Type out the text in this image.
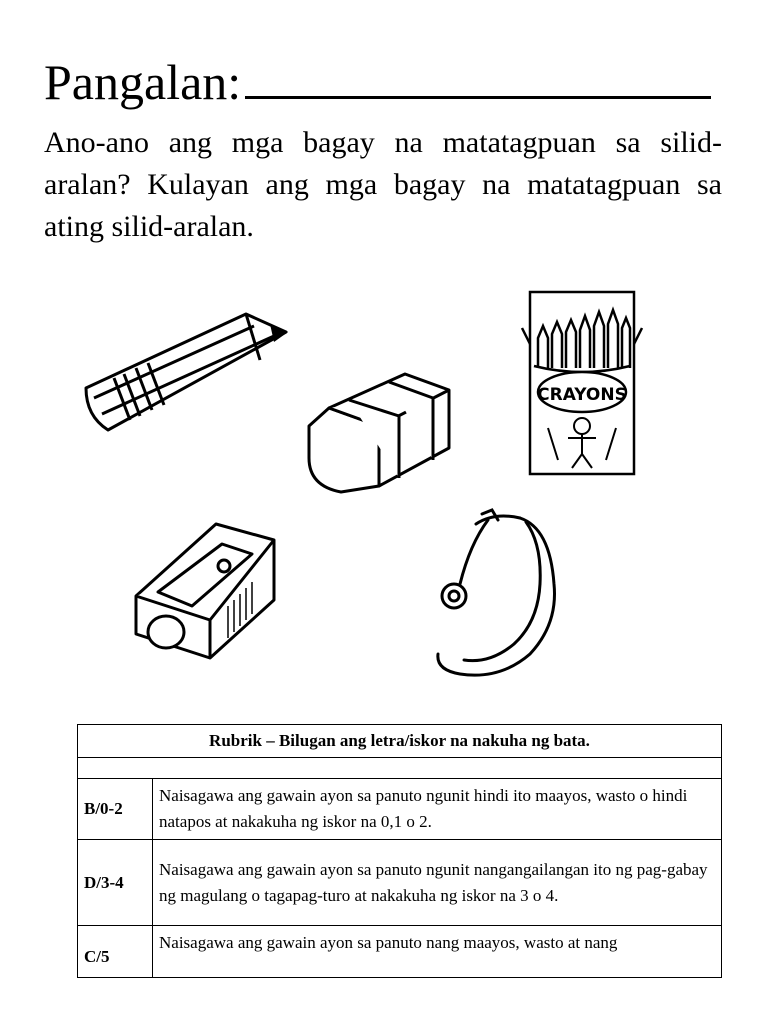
Pangalan:
Ano-ano ang mga bagay na matatagpuan sa silid-aralan? Kulayan ang mga bagay na matatagpuan sa ating silid-aralan.
CRAYONS
Rubrik – Bilugan ang letra/iskor na nakuha ng bata.	

B/0-2	Naisagawa ang gawain ayon sa panuto ngunit hindi ito maayos, wasto o hindi natapos at nakakuha ng iskor na 0,1 o 2.
D/3-4	Naisagawa ang gawain ayon sa panuto ngunit nangangailangan ito ng pag-gabay ng magulang o tagapag-turo at nakakuha ng iskor na 3 o 4.
C/5	Naisagawa ang gawain ayon sa panuto nang maayos, wasto at nang
